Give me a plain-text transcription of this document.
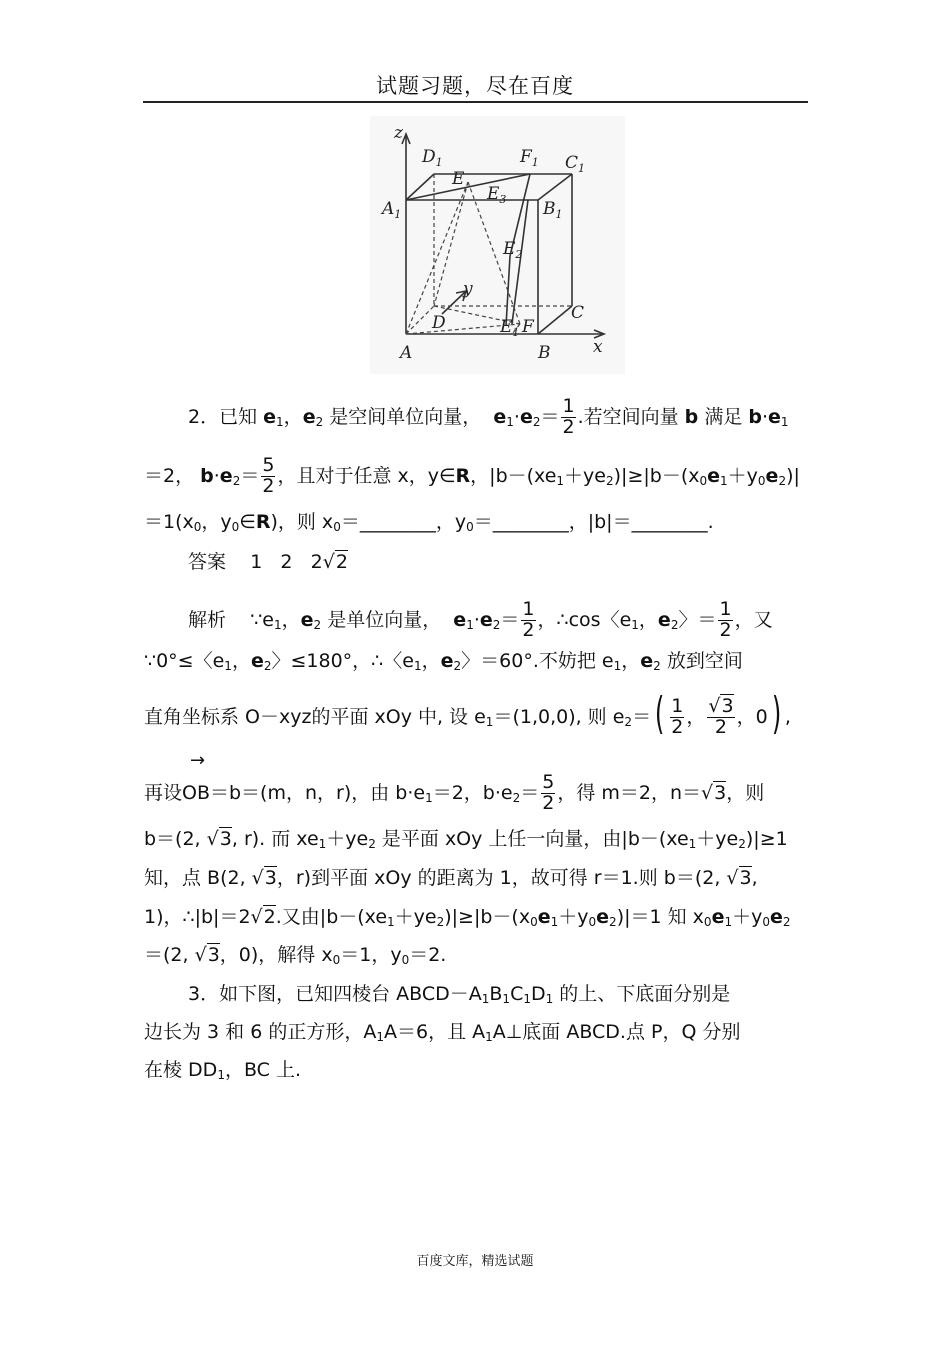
试题习题，尽在百度
z
$D_1$	$F_1$ $C_1$
E
$E_3$
$A_1$	$B_1$
$E_2$
y
C
D	$E_1$ F
A	B	x
2．已知 $e_1$，$e_2$ 是空间单位向量， $e_1\cdot e_2= \frac{1}{2}$ .若空间向量 b 满足 $b\cdot e_1$
＝2， $b\cdot e_2= \frac{5}{2}$ ，且对于任意 x，y∈R，$|b-(xe_1+ye_2)|\ge|b-(x_0e_1+y_0e_2)|$
$=1(x_0$，$y_0\in R$)，则 $x_0=\_\_\_\_\_\_\_\_$，$y_0=\_\_\_\_\_\_\_\_$，|b|＝________.
答案 1 2 2√2
解析 $\because e_1$，$e_2$ 是单位向量， $e_1\cdot e_2= \frac{1}{2}$ ，∴cos〈$e_1$，$e_2$〉＝ $\frac{1}{2}$ ，又
∵0°≤〈$e_1$，$e_2$〉≤180°，∴〈$e_1$，$e_2$〉＝60°.不妨把 $e_1$，$e_2$ 放到空间
直角坐标系 O－xyz的平面 xOy 中, 设 $e_1=(1,0,0)$, 则 $e_2=( \frac{1}{2}$ ， $\frac{√3}{2}$ ，0) ,
→
再设OB＝b＝(m，n，r)，由 $b\cdot e_1=2$，$b\cdot e_2= \frac{5}{2}$ ，得 m＝2，n＝√3，则
b＝(2, √3, r). 而 $xe_1+ye_2$ 是平面 xOy 上任一向量，由$|b-(xe_1+ye_2)|\ge 1$
知，点 B(2, √3，r)到平面 xOy 的距离为 1，故可得 r＝1.则 b＝(2, √3,
1)，∴|b|＝2√2.又由$|b-(xe_1+ye_2)|\ge|b-(x_0e_1+y_0e_2)|=1$ 知 $x_0e_1+y_0e_2$
＝(2, √3，0)，解得 $x_0=1$，$y_0=2$.
3．如下图，已知四棱台 $ABCD-A_1B_1C_1D_1$ 的上、下底面分别是
边长为 3 和 6 的正方形，$A_1A=6$，且 $A_1A\perp$底面 ABCD.点 P，Q 分别
在棱 $DD_1$，BC 上.
百度文库，精选试题
